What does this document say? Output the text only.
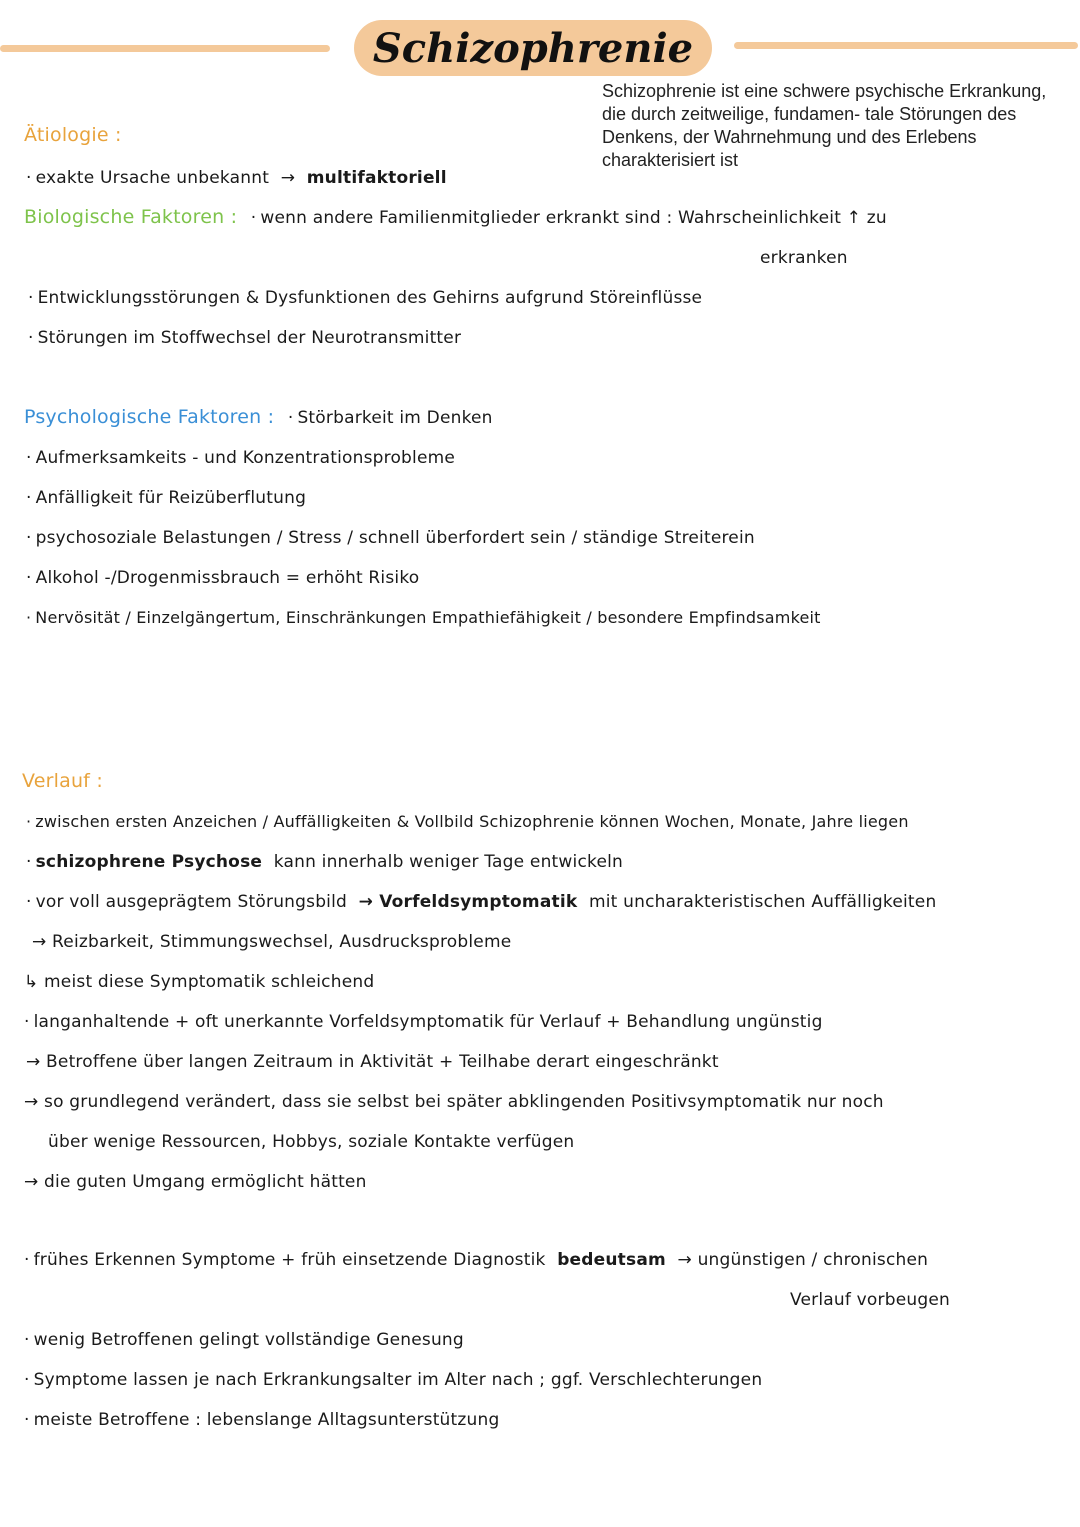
Schizophrenie
Schizophrenie ist eine schwere psychische Erkrankung, die durch zeitweilige, fundamen- tale Störungen des Denkens, der Wahrnehmung und des Erlebens charakterisiert ist
Ätiologie :
· exakte Ursache unbekannt → multifaktoriell
Biologische Faktoren : · wenn andere Familienmitglieder erkrankt sind : Wahrscheinlichkeit ↑ zu
erkranken
· Entwicklungsstörungen & Dysfunktionen des Gehirns aufgrund Störeinflüsse
· Störungen im Stoffwechsel der Neurotransmitter
Psychologische Faktoren : · Störbarkeit im Denken
· Aufmerksamkeits - und Konzentrationsprobleme
· Anfälligkeit für Reizüberflutung
· psychosoziale Belastungen / Stress / schnell überfordert sein / ständige Streiterein
· Alkohol -/Drogenmissbrauch = erhöht Risiko
· Nervösität / Einzelgängertum, Einschränkungen Empathiefähigkeit / besondere Empfindsamkeit
Verlauf :
· zwischen ersten Anzeichen / Auffälligkeiten & Vollbild Schizophrenie können Wochen, Monate, Jahre liegen
· schizophrene Psychose kann innerhalb weniger Tage entwickeln
· vor voll ausgeprägtem Störungsbild → Vorfeldsymptomatik mit uncharakteristischen Auffälligkeiten
→ Reizbarkeit, Stimmungswechsel, Ausdrucksprobleme
↳ meist diese Symptomatik schleichend
· langanhaltende + oft unerkannte Vorfeldsymptomatik für Verlauf + Behandlung ungünstig
→ Betroffene über langen Zeitraum in Aktivität + Teilhabe derart eingeschränkt
→ so grundlegend verändert, dass sie selbst bei später abklingenden Positivsymptomatik nur noch
über wenige Ressourcen, Hobbys, soziale Kontakte verfügen
→ die guten Umgang ermöglicht hätten
· frühes Erkennen Symptome + früh einsetzende Diagnostik bedeutsam → ungünstigen / chronischen
Verlauf vorbeugen
· wenig Betroffenen gelingt vollständige Genesung
· Symptome lassen je nach Erkrankungsalter im Alter nach ; ggf. Verschlechterungen
· meiste Betroffene : lebenslange Alltagsunterstützung
